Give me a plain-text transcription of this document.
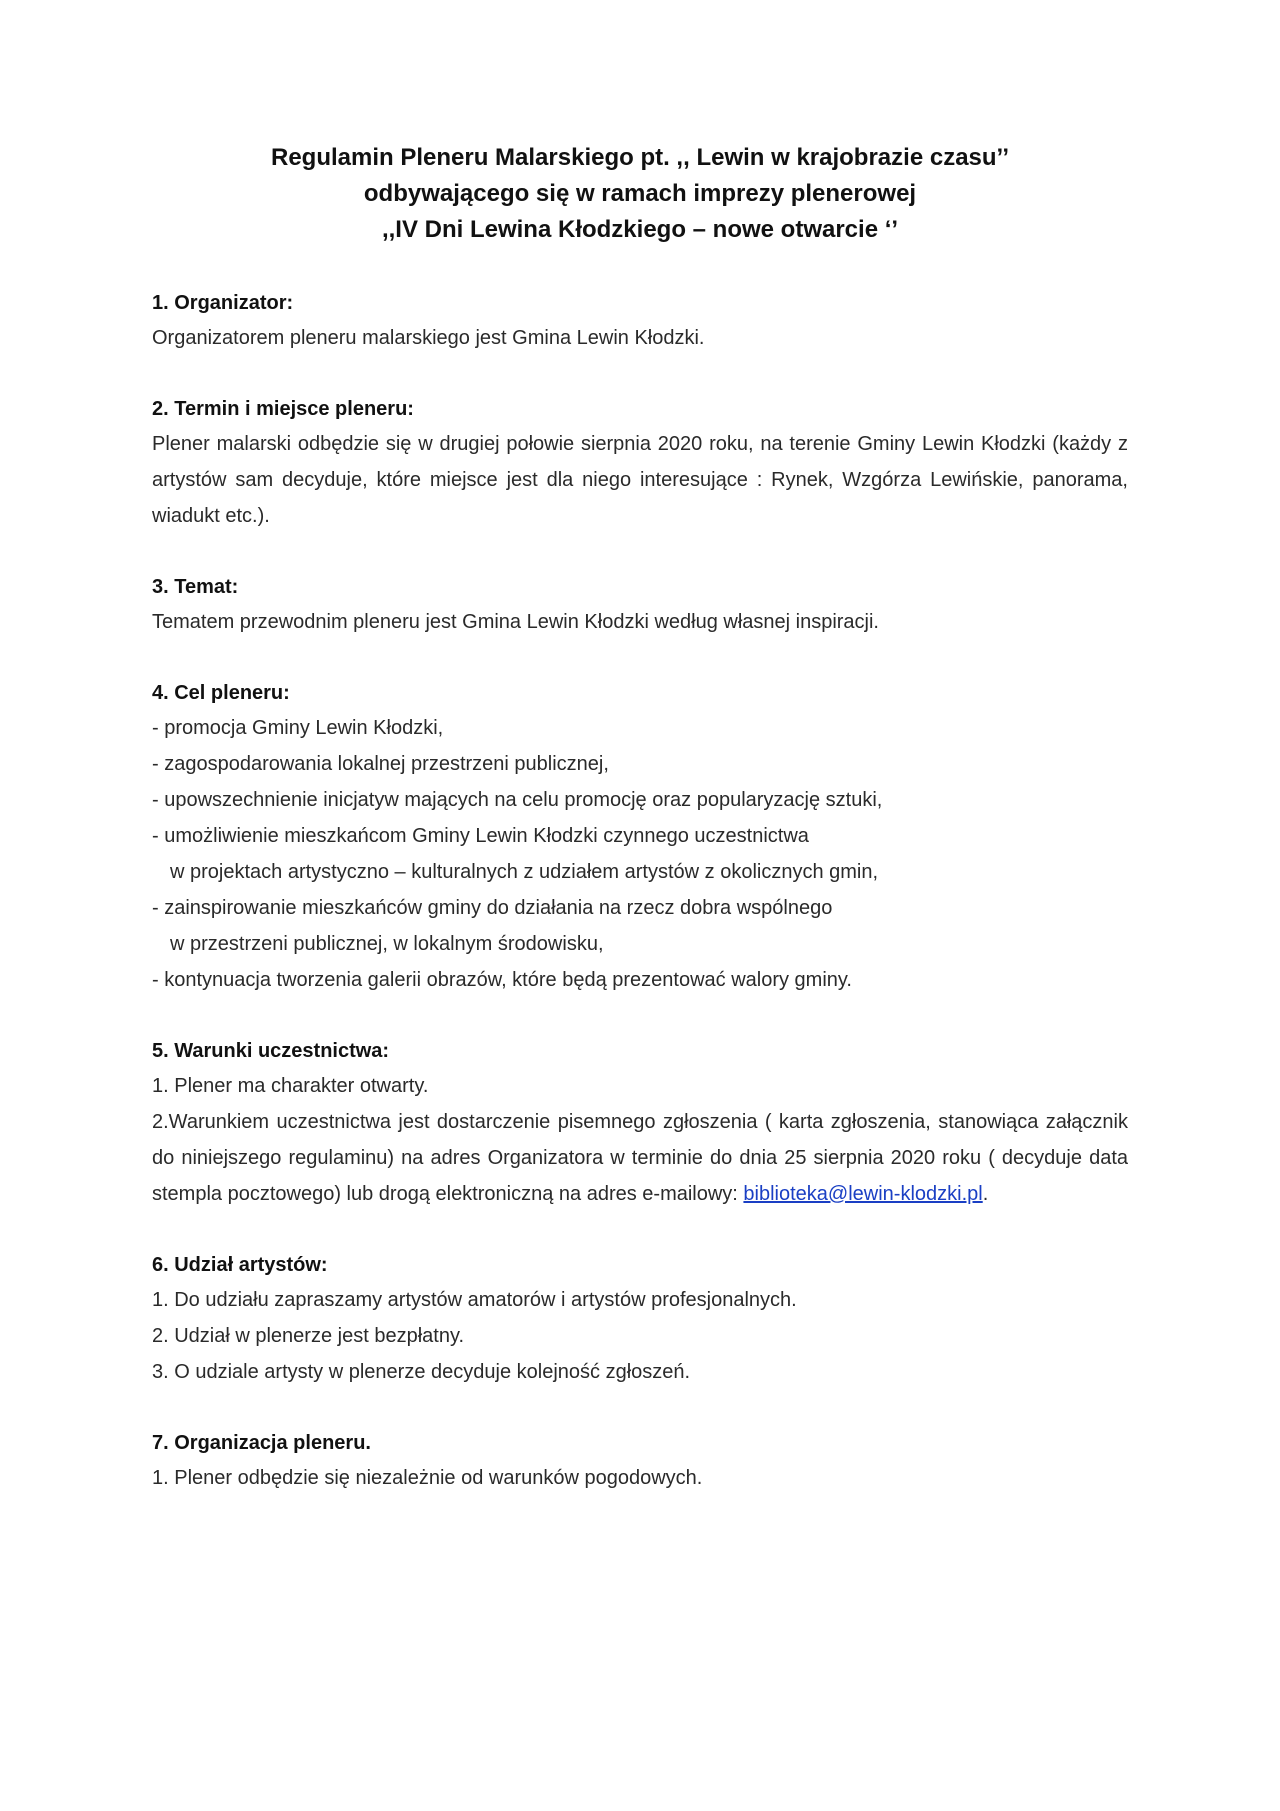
Regulamin Pleneru Malarskiego pt. ,, Lewin w krajobrazie czasu’’
odbywającego się w ramach imprezy plenerowej
,,IV Dni Lewina Kłodzkiego – nowe otwarcie ‘’
1. Organizator:
Organizatorem pleneru malarskiego jest Gmina Lewin Kłodzki.
2. Termin i miejsce pleneru:
Plener malarski odbędzie się w drugiej połowie sierpnia 2020 roku, na terenie Gminy Lewin Kłodzki (każdy z artystów sam decyduje, które miejsce jest dla niego interesujące : Rynek, Wzgórza Lewińskie, panorama, wiadukt etc.).
3. Temat:
Tematem przewodnim pleneru jest Gmina Lewin Kłodzki według własnej inspiracji.
4. Cel pleneru:
- promocja Gminy Lewin Kłodzki,
- zagospodarowania lokalnej przestrzeni publicznej,
- upowszechnienie inicjatyw mających na celu promocję oraz popularyzację sztuki,
- umożliwienie mieszkańcom Gminy Lewin Kłodzki czynnego uczestnictwa
w projektach artystyczno – kulturalnych z udziałem artystów z okolicznych gmin,
- zainspirowanie mieszkańców gminy do działania na rzecz dobra wspólnego
w przestrzeni publicznej, w lokalnym środowisku,
- kontynuacja tworzenia galerii obrazów, które będą prezentować walory gminy.
5. Warunki uczestnictwa:
1. Plener ma charakter otwarty.
2.Warunkiem uczestnictwa jest dostarczenie pisemnego zgłoszenia ( karta zgłoszenia, stanowiąca załącznik do niniejszego regulaminu) na adres Organizatora w terminie do dnia 25 sierpnia 2020 roku ( decyduje data stempla pocztowego) lub drogą elektroniczną na adres e-mailowy: biblioteka@lewin-klodzki.pl.
6. Udział artystów:
1. Do udziału zapraszamy artystów amatorów i artystów profesjonalnych.
2. Udział w plenerze jest bezpłatny.
3. O udziale artysty w plenerze decyduje kolejność zgłoszeń.
7. Organizacja pleneru.
1. Plener odbędzie się niezależnie od warunków pogodowych.
